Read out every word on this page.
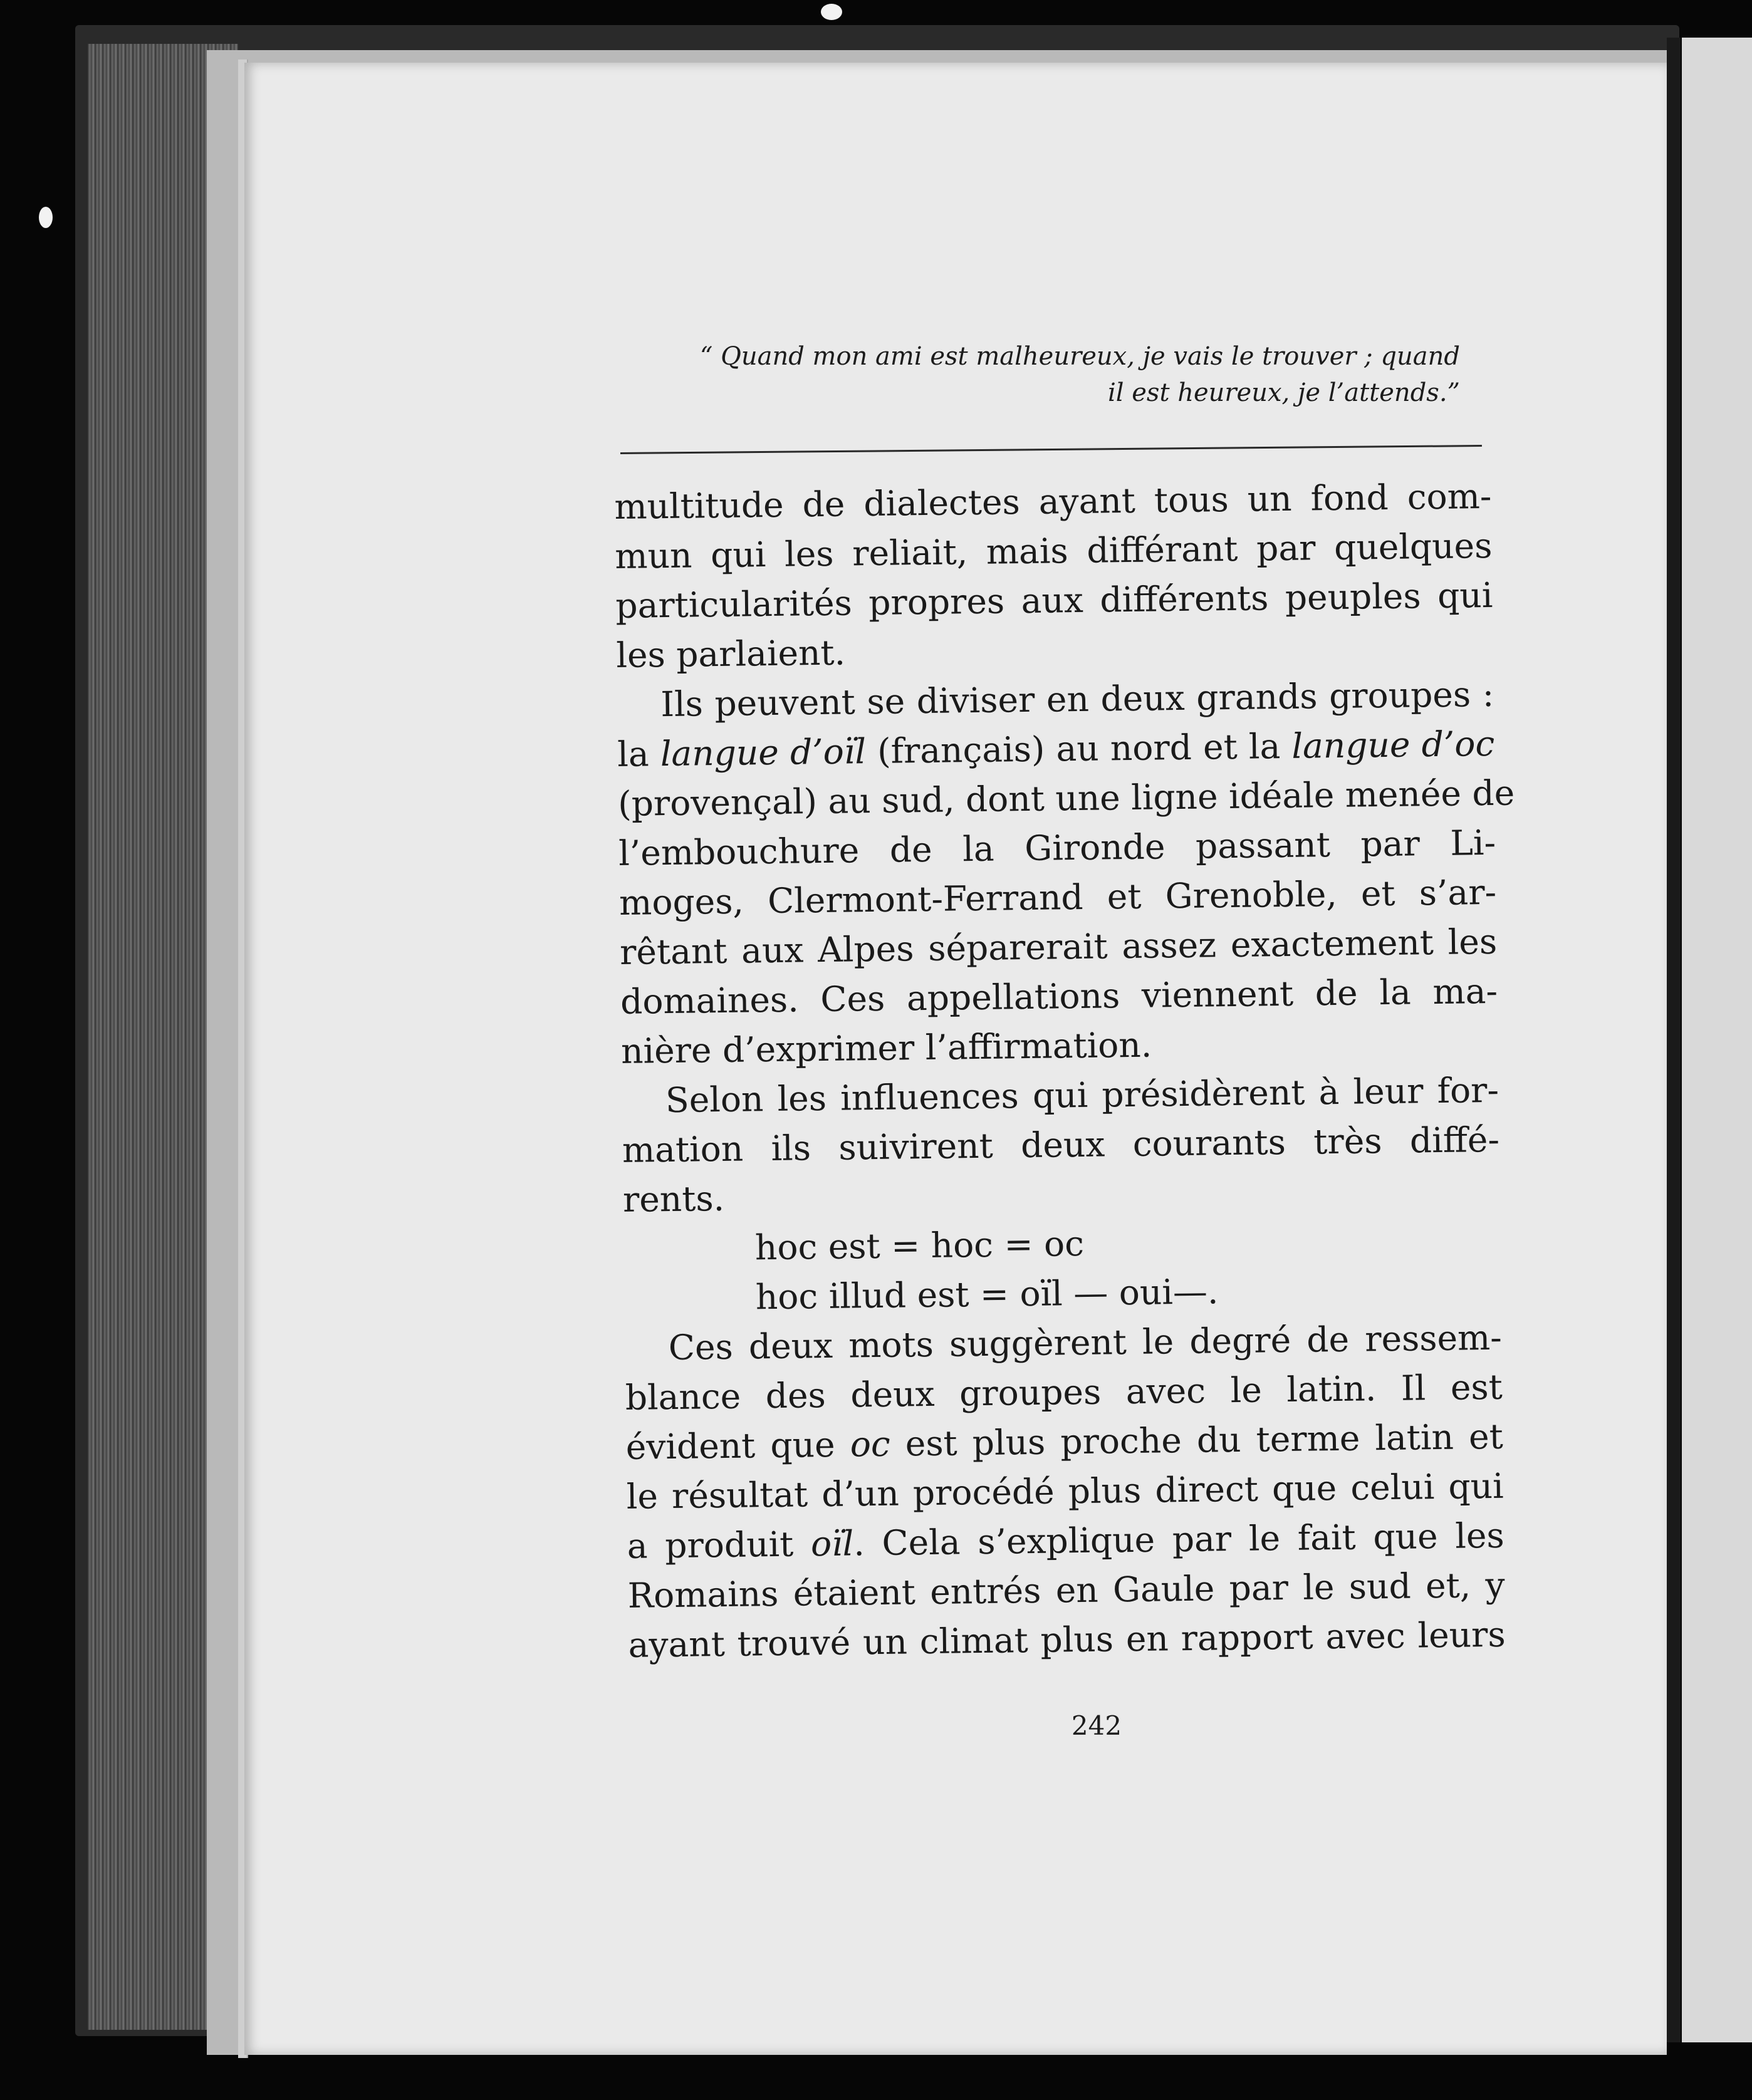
“ Quand mon ami est malheureux, je vais le trouver ; quand
il est heureux, je l’attends.”

multitude de dialectes ayant tous un fond com-
mun qui les reliait, mais différant par quelques
particularités propres aux différents peuples qui
les parlaient.

Ils peuvent se diviser en deux grands groupes :
la langue d’oïl (français) au nord et la langue d’oc
(provençal) au sud, dont une ligne idéale menée de
l’embouchure de la Gironde passant par Li-
moges, Clermont-Ferrand et Grenoble, et s’ar-
rêtant aux Alpes séparerait assez exactement les
domaines. Ces appellations viennent de la ma-
nière d’exprimer l’affirmation.

Selon les influences qui présidèrent à leur for-
mation ils suivirent deux courants très diffé-
rents.

hoc est = hoc = oc
hoc illud est = oïl — oui—.

Ces deux mots suggèrent le degré de ressem-
blance des deux groupes avec le latin. Il est
évident que oc est plus proche du terme latin et
le résultat d’un procédé plus direct que celui qui
a produit oïl. Cela s’explique par le fait que les
Romains étaient entrés en Gaule par le sud et, y
ayant trouvé un climat plus en rapport avec leurs

242
